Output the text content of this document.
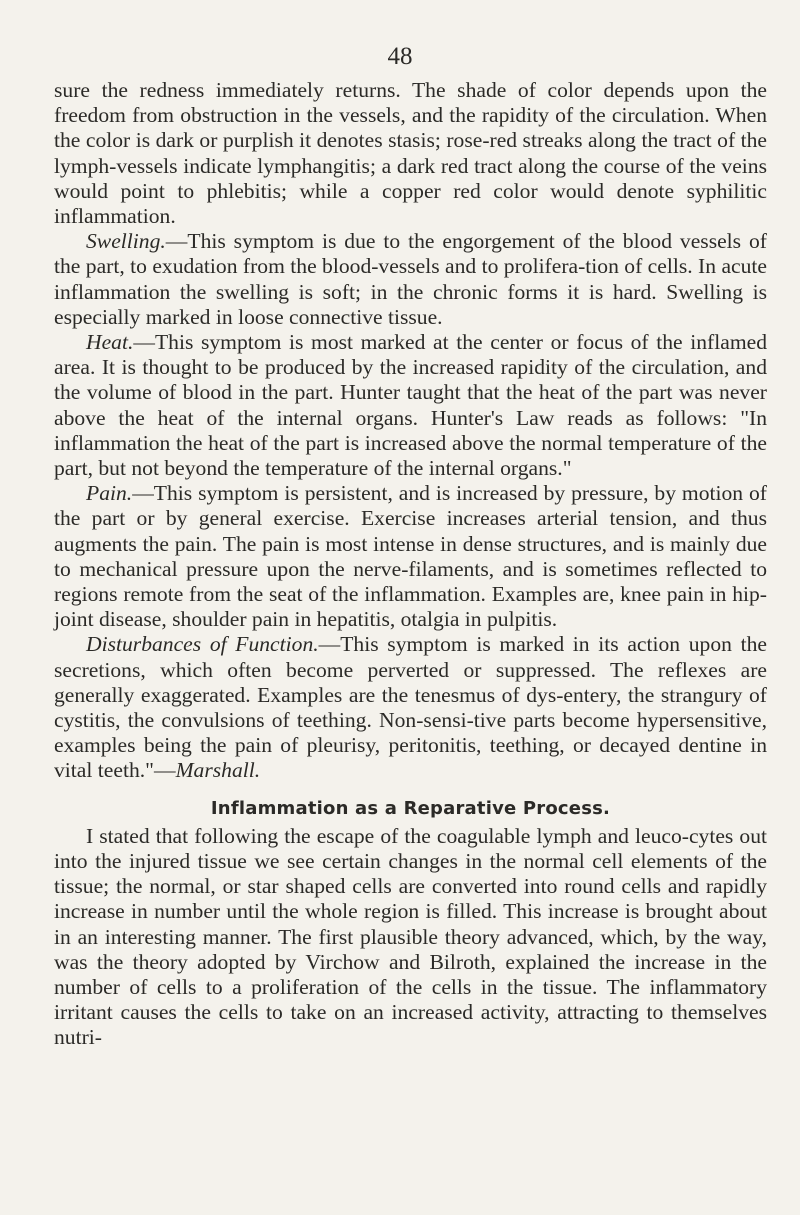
48

sure the redness immediately returns. The shade of color depends upon the freedom from obstruction in the vessels, and the rapidity of the circulation. When the color is dark or purplish it denotes stasis; rose-red streaks along the tract of the lymph-vessels indicate lymphangitis; a dark red tract along the course of the veins would point to phlebitis; while a copper red color would denote syphilitic inflammation.

Swelling.—This symptom is due to the engorgement of the blood vessels of the part, to exudation from the blood-vessels and to prolifera-tion of cells. In acute inflammation the swelling is soft; in the chronic forms it is hard. Swelling is especially marked in loose connective tissue.

Heat.—This symptom is most marked at the center or focus of the inflamed area. It is thought to be produced by the increased rapidity of the circulation, and the volume of blood in the part. Hunter taught that the heat of the part was never above the heat of the internal organs. Hunter's Law reads as follows: "In inflammation the heat of the part is increased above the normal temperature of the part, but not beyond the temperature of the internal organs."

Pain.—This symptom is persistent, and is increased by pressure, by motion of the part or by general exercise. Exercise increases arterial tension, and thus augments the pain. The pain is most intense in dense structures, and is mainly due to mechanical pressure upon the nerve-filaments, and is sometimes reflected to regions remote from the seat of the inflammation. Examples are, knee pain in hip-joint disease, shoulder pain in hepatitis, otalgia in pulpitis.

Disturbances of Function.—This symptom is marked in its action upon the secretions, which often become perverted or suppressed. The reflexes are generally exaggerated. Examples are the tenesmus of dys-entery, the strangury of cystitis, the convulsions of teething. Non-sensi-tive parts become hypersensitive, examples being the pain of pleurisy, peritonitis, teething, or decayed dentine in vital teeth."—Marshall.

Inflammation as a Reparative Process.

I stated that following the escape of the coagulable lymph and leuco-cytes out into the injured tissue we see certain changes in the normal cell elements of the tissue; the normal, or star shaped cells are converted into round cells and rapidly increase in number until the whole region is filled. This increase is brought about in an interesting manner. The first plausible theory advanced, which, by the way, was the theory adopted by Virchow and Bilroth, explained the increase in the number of cells to a proliferation of the cells in the tissue. The inflammatory irritant causes the cells to take on an increased activity, attracting to themselves nutri-
